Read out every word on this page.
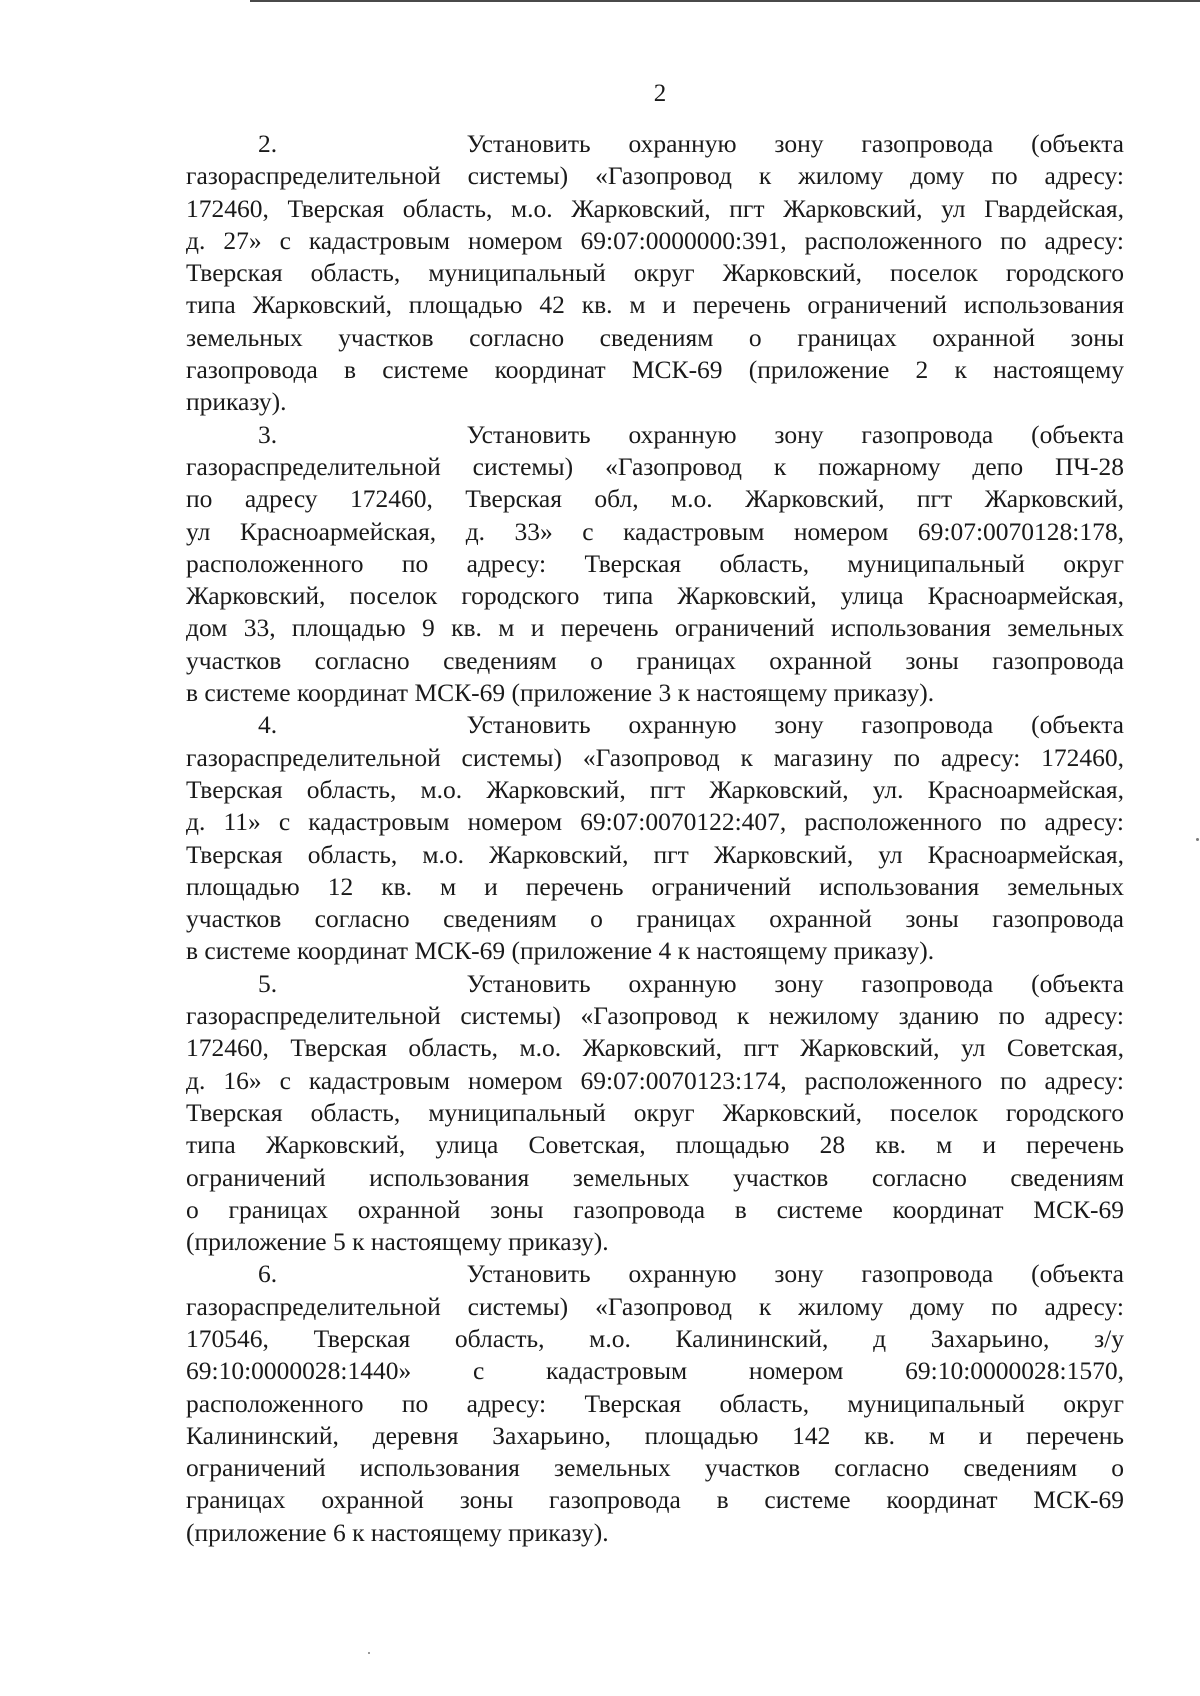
2

2.	Установить охранную зону газопровода (объекта
газораспределительной системы) «Газопровод к жилому дому по адресу:
172460, Тверская область, м.о. Жарковский, пгт Жарковский, ул Гвардейская,
д. 27» с кадастровым номером 69:07:0000000:391, расположенного по адресу:
Тверская область, муниципальный округ Жарковский, поселок городского
типа Жарковский, площадью 42 кв. м и перечень ограничений использования
земельных участков согласно сведениям о границах охранной зоны
газопровода в системе координат МСК-69 (приложение 2 к настоящему
приказу).

3.	Установить охранную зону газопровода (объекта
газораспределительной системы) «Газопровод к пожарному депо ПЧ-28
по адресу 172460, Тверская обл, м.о. Жарковский, пгт Жарковский,
ул Красноармейская, д. 33» с кадастровым номером 69:07:0070128:178,
расположенного по адресу: Тверская область, муниципальный округ
Жарковский, поселок городского типа Жарковский, улица Красноармейская,
дом 33, площадью 9 кв. м и перечень ограничений использования земельных
участков согласно сведениям о границах охранной зоны газопровода
в системе координат МСК-69 (приложение 3 к настоящему приказу).

4.	Установить охранную зону газопровода (объекта
газораспределительной системы) «Газопровод к магазину по адресу: 172460,
Тверская область, м.о. Жарковский, пгт Жарковский, ул. Красноармейская,
д. 11» с кадастровым номером 69:07:0070122:407, расположенного по адресу:
Тверская область, м.о. Жарковский, пгт Жарковский, ул Красноармейская,
площадью 12 кв. м и перечень ограничений использования земельных
участков согласно сведениям о границах охранной зоны газопровода
в системе координат МСК-69 (приложение 4 к настоящему приказу).

5.	Установить охранную зону газопровода (объекта
газораспределительной системы) «Газопровод к нежилому зданию по адресу:
172460, Тверская область, м.о. Жарковский, пгт Жарковский, ул Советская,
д. 16» с кадастровым номером 69:07:0070123:174, расположенного по адресу:
Тверская область, муниципальный округ Жарковский, поселок городского
типа Жарковский, улица Советская, площадью 28 кв. м и перечень
ограничений использования земельных участков согласно сведениям
о границах охранной зоны газопровода в системе координат МСК-69
(приложение 5 к настоящему приказу).

6.	Установить охранную зону газопровода (объекта
газораспределительной системы) «Газопровод к жилому дому по адресу:
170546, Тверская область, м.о. Калининский, д Захарьино, з/у
69:10:0000028:1440» с кадастровым номером 69:10:0000028:1570,
расположенного по адресу: Тверская область, муниципальный округ
Калининский, деревня Захарьино, площадью 142 кв. м и перечень
ограничений использования земельных участков согласно сведениям о
границах охранной зоны газопровода в системе координат МСК-69
(приложение 6 к настоящему приказу).
